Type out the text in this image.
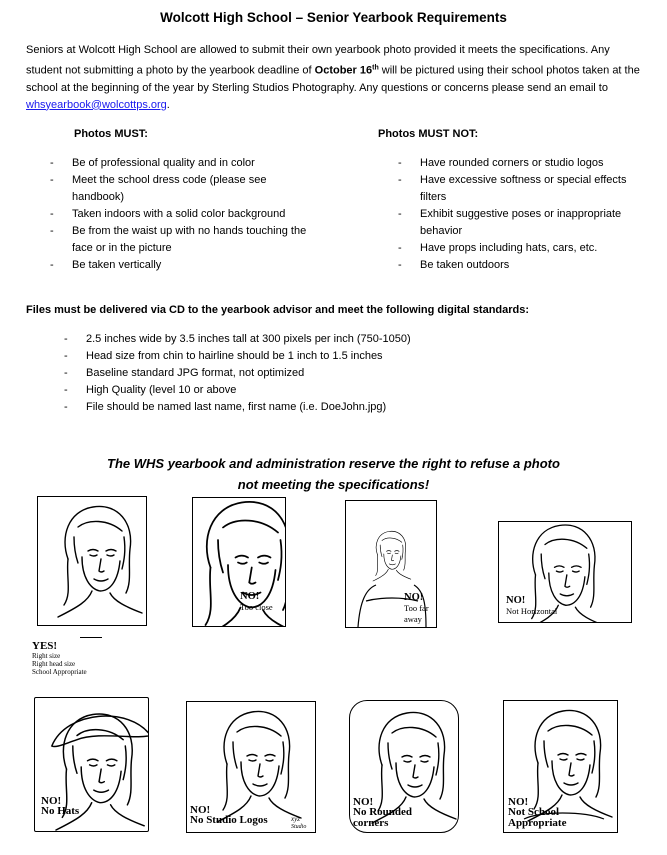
Wolcott High School – Senior Yearbook Requirements

Seniors at Wolcott High School are allowed to submit their own yearbook photo provided it meets the specifications. Any student not submitting a photo by the yearbook deadline of October 16th will be pictured using their school photos taken at the school at the beginning of the year by Sterling Studios Photography. Any questions or concerns please send an email to whsyearbook@wolcottps.org.

Photos MUST:	Photos MUST NOT:
- Be of professional quality and in color
- Meet the school dress code (please see handbook)
- Taken indoors with a solid color background
- Be from the waist up with no hands touching the face or in the picture
- Be taken vertically
- Have rounded corners or studio logos
- Have excessive softness or special effects filters
- Exhibit suggestive poses or inappropriate behavior
- Have props including hats, cars, etc.
- Be taken outdoors
Files must be delivered via CD to the yearbook advisor and meet the following digital standards:
- 2.5 inches wide by 3.5 inches tall at 300 pixels per inch (750-1050)
- Head size from chin to hairline should be 1 inch to 1.5 inches
- Baseline standard JPG format, not optimized
- High Quality (level 10 or above
- File should be named last name, first name (i.e. DoeJohn.jpg)
The WHS yearbook and administration reserve the right to refuse a photo
not meeting the specifications!
NO!
Too close
NO!
Too far
away
NO!
Not Horizontal
YES!
Right size
Right head size
School Appropriate
NO!
No Hats	NO!
No Studio Logos	xyz
Studio
NO!
No Rounded
corners
NO!
Not School
Appropriate
